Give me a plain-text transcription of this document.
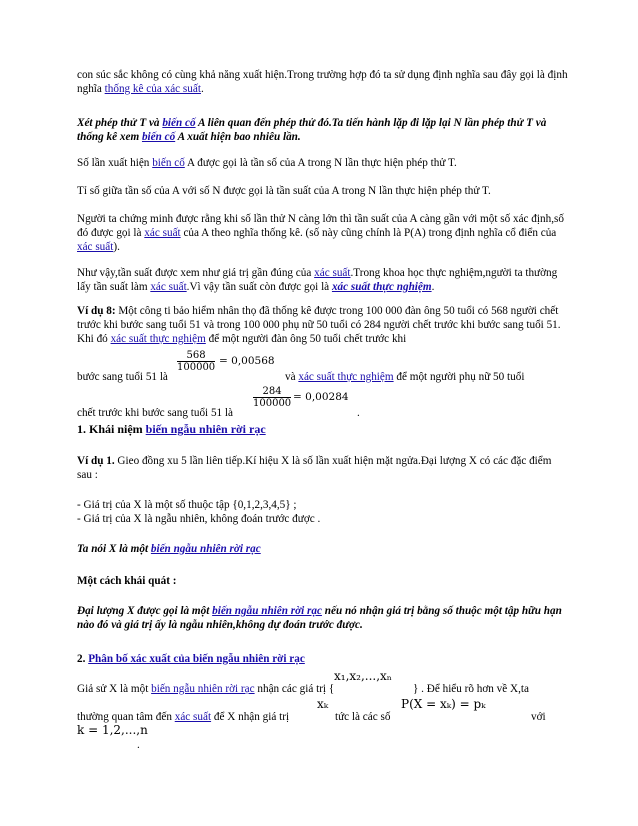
con súc sắc không có cùng khả năng xuất hiện.Trong trường hợp đó ta sử dụng định nghĩa sau đây gọi là định nghĩa thống kê của xác suất.
Xét phép thử T và biến cố A liên quan đến phép thử đó.Ta tiến hành lặp đi lặp lại N lần phép thử T và thống kê xem biến cố A xuất hiện bao nhiêu lần.
Số lần xuất hiện biến cố A được gọi là tần số của A trong N lần thực hiện phép thử T.
Tỉ số giữa tần số của A với số N được gọi là tần suất của A trong N lần thực hiện phép thử T.
Người ta chứng minh được rằng khi số lần thử N càng lớn thì tần suất của A càng gần với một số xác định,số đó được gọi là xác suất của A theo nghĩa thống kê. (số này cũng chính là P(A) trong định nghĩa cổ điển của xác suất).
Như vậy,tần suất được xem như giá trị gần đúng của xác suất.Trong khoa học thực nghiệm,người ta thường lấy tần suất làm xác suất.Vì vậy tần suất còn được gọi là xác suất thực nghiệm.
Ví dụ 8: Một công ti bảo hiểm nhân thọ đã thống kê được trong 100 000 đàn ông 50 tuổi có 568 người chết trước khi bước sang tuổi 51 và trong 100 000 phụ nữ 50 tuổi có 284 người chết trước khi bước sang tuổi 51. Khi đó xác suất thực nghiệm để một người đàn ông 50 tuổi chết trước khi
$\frac{568}{100000} = 0,00568$
bước sang tuổi 51 là	và xác suất thực nghiệm để một người phụ nữ 50 tuổi
$\frac{284}{100000} = 0,00284$
chết trước khi bước sang tuổi 51 là	.
1. Khái niệm biến ngẫu nhiên rời rạc
Ví dụ 1. Gieo đồng xu 5 lần liên tiếp.Kí hiệu X là số lần xuất hiện mặt ngửa.Đại lượng X có các đặc điểm sau :
- Giá trị của X là một số thuộc tập {0,1,2,3,4,5} ;
- Giá trị của X là ngẫu nhiên, không đoán trước được .
Ta nói X là một biến ngẫu nhiên rời rạc
Một cách khái quát :
Đại lượng X được gọi là một biến ngẫu nhiên rời rạc nếu nó nhận giá trị bằng số thuộc một tập hữu hạn nào đó và giá trị ấy là ngẫu nhiên,không dự đoán trước được.
2. Phân bố xác xuất của biến ngẫu nhiên rời rạc
x₁,x₂,...,xₙ
Giả sử X là một biến ngẫu nhiên rời rạc nhận các giá trị {	} . Để hiểu rõ hơn về X,ta
xₖ	P(X = xₖ) = pₖ
thường quan tâm đến xác suất để X nhận giá trị	tức là các số	với
k = 1,2,...,n
.
